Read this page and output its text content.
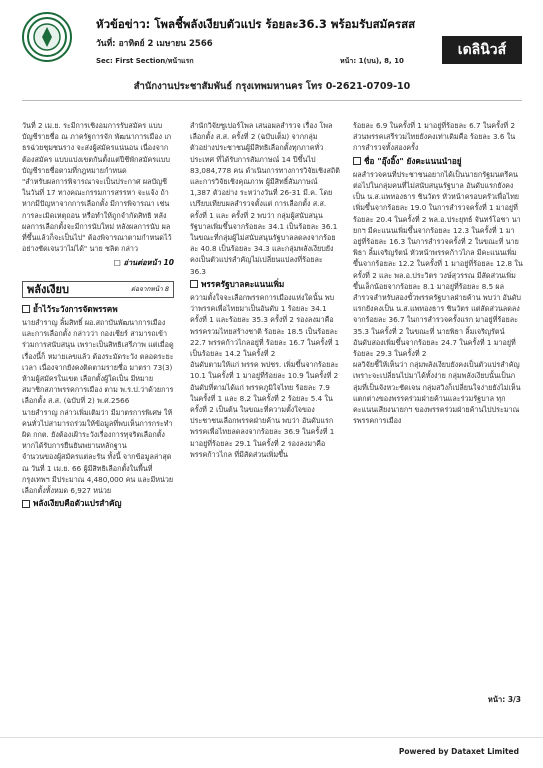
หัวข้อข่าว: โพลชี้พลังเงียบตัวแปร ร้อยละ36.3 พร้อมรับสมัครสส
วันที่: อาทิตย์ 2 เมษายน 2566
Sec: First Section/หน้าแรก	หน้า: 1(บน), 8, 10
เดลินิวส์
สำนักงานประชาสัมพันธ์ กรุงเทพมหานคร โทร 0-2621-0709-10

วันที่ 2 เม.ย. ระมีการเชิงอมการรับสมัคร แบบบัญชีรายชื่อ ณ ภาครัฐการจัก พัฒนาการเมือง เก ธรฉ่วยชุมชนราง จะส่งผู้สมัครแน่นอน เนื่องจากต้องสมัคร แบบแบ่งเขตกันตั้งแต่ปีชีพักสมัครแบบ บัญชีรายชื่อตามที่กฎหมายกำหนด

"สำหรับผลการพิจารณาจะเป็นประกาศ ผลบัญชีในวันที่ 17 ทางคณะกรรมการสรรหา จะแจ้ง ถ้าหากมีปัญหาจากการเลือกตั้ง มีการพิจารณา เช่น การละเมิดเหตุถอน หรือทำให้ถูกจำกัดสิทธิ หลังผลการเลือกตั้งจะมีการนับใหม่ หลังผลการนับ ผลที่ขึ้นแล้วก็จะเป็นไป" ต้องพิจารณาตามกำหนดไว้อย่างชัดเจนว่าไม่ได้" นาย ชลิต กล่าว

□ อ่านต่อหน้า 10
พลังเงียบ	ต่อจากหน้า 8
ย้ำไว้ระวังการจัดพรรคพ

นายสำราญ ลิ้มสิทธิ์ ผอ.สถาบันพัฒนาการเมืองและการเลือกตั้ง กล่าวว่า กองเชียร์ สามารถเข้าร่วมการสนับสนุน เพราะเป็นสิทธิเสรีภาพ แต่เมื่อดูเรื่องนี้ก็ หมายเลขแล้ว ต้องระมัดระวัง ตลอดระยะเวลา เนื่องจากยังคงติดตามรายชื่อ มาตรา 73(3) ห้ามผู้สมัครในเขต เลือกตั้งผู้ใดเป็น มีหมายสมาชิกสภาพรรคการเมือง ตาม พ.ร.ป.ว่าด้วยการเลือกตั้ง ส.ส. (ฉบับที่ 2) พ.ศ.2566

นายสำราญ กล่าวเพิ่มเติมว่า มีมาตรการพิเศษ ให้คนทั่วไปสามารถร่วมให้ข้อมูลที่พบเห็นการกระทำผิด กกต. ยังต้องเฝ้าระวังเรื่องการทุจริตเลือกตั้ง หากได้รับการยืนยันพยานหลักฐาน

จำนวนของผู้สมัครแต่ละรัน ทั้งนี้ จากข้อมูลล่าสุด ณ วันที่ 1 เม.ย. 66 ผู้มีสิทธิเลือกตั้งในพื้นที่กรุงเทพฯ มีประมาณ 4,480,000 คน และมีหน่วยเลือกตั้งทั้งหมด 6,927 หน่วย

พลังเงียบคือตัวแปรสำคัญ

สำนักวิจัยซูเปอร์โพล เสนอผลสำรวจ เรื่อง โพลเลือกตั้ง ส.ส. ครั้งที่ 2 (ฉบับเต็ม) จากกลุ่มตัวอย่างประชาชนผู้มีสิทธิเลือกตั้งทุกภาคทั่วประเทศ ที่ได้รับการสัมภาษณ์ 14 ปีขึ้นไป 83,084,778 คน ดำเนินการทางการวิจัยเชิงสถิติและการวิจัยเชิงคุณภาพ ผู้มีสิทธิ์สัมภาษณ์ 1,387 ตัวอย่าง ระหว่างวันที่ 26-31 มี.ค. โดยเปรียบเทียบผลสำรวจตั้งแต่ การเลือกตั้ง ส.ส. ครั้งที่ 1 และ ครั้งที่ 2 พบว่า กลุ่มผู้สนับสนุนรัฐบาลเพิ่มขึ้นจากร้อยละ 34.1 เป็นร้อยละ 36.1 ในขณะที่กลุ่มผู้ไม่สนับสนุนรัฐบาลลดลงจากร้อยละ 40.8 เป็นร้อยละ 34.3 และกลุ่มพลังเงียบยังคงเป็นตัวแปรสำคัญไม่เปลี่ยนแปลงที่ร้อยละ 36.3

พรรครัฐบาลคะแนนเพิ่ม

ความตั้งใจจะเลือกพรรคการเมืองแห่งใดนั้น พบว่าพรรคเพื่อไทยมาเป็นอันดับ 1 ร้อยละ 34.1 ครั้งที่ 1 และร้อยละ 35.3 ครั้งที่ 2 รองลงมาคือพรรครวมไทยสร้างชาติ ร้อยละ 18.5 เป็นร้อยละ 22.7 พรรคก้าวไกลอยู่ที่ ร้อยละ 16.7 ในครั้งที่ 1 เป็นร้อยละ 14.2 ในครั้งที่ 2

อันดับตามให้แก่ พรรค พปชร. เพิ่มขึ้นจากร้อยละ 10.1 ในครั้งที่ 1 มาอยู่ที่ร้อยละ 10.9 ในครั้งที่ 2 อันดับที่ตามได้แก่ พรรคภูมิใจไทย ร้อยละ 7.9 ในครั้งที่ 1 และ 8.2 ในครั้งที่ 2 ร้อยละ 5.4 ในครั้งที่ 2 เป็นต้น ในขณะที่ความตั้งใจของประชาชนเลือกพรรคฝ่ายค้าน พบว่า อันดับแรก พรรคเพื่อไทยลดลงจากร้อยละ 36.9 ในครั้งที่ 1 มาอยู่ที่ร้อยละ 29.1 ในครั้งที่ 2 รองลงมาคือ พรรคก้าวไกล ที่มีสัดส่วนเพิ่มขึ้น

ร้อยละ 6.9 ในครั้งที่ 1 มาอยู่ที่ร้อยละ 6.7 ในครั้งที่ 2 ส่วนพรรคเสรีรวมไทยยังคงเท่าเดิมคือ ร้อยละ 3.6 ในการสำรวจทั้งสองครั้ง

ชื่อ "อุ๊งอิ๊ง" ยังคะแนนนำอยู่

ผลสำรวจคนที่ประชาชนอยากได้เป็นนายกรัฐมนตรีคนต่อไปในกลุ่มคนที่ไม่สนับสนุนรัฐบาล อันดับแรกยังคงเป็น น.ส.แพทองธาร ชินวัตร หัวหน้าครอบครัวเพื่อไทย เพิ่มขึ้นจากร้อยละ 19.0 ในการสำรวจครั้งที่ 1 มาอยู่ที่ร้อยละ 20.4 ในครั้งที่ 2 พล.อ.ประยุทธ์ จันทร์โอชา นายกฯ มีคะแนนเพิ่มขึ้นจากร้อยละ 12.3 ในครั้งที่ 1 มาอยู่ที่ร้อยละ 16.3 ในการสำรวจครั้งที่ 2 ในขณะที่ นายพิธา ลิ้มเจริญรัตน์ หัวหน้าพรรคก้าวไกล มีคะแนนเพิ่มขึ้นจากร้อยละ 12.2 ในครั้งที่ 1 มาอยู่ที่ร้อยละ 12.8 ในครั้งที่ 2 และ พล.อ.ประวิตร วงษ์สุวรรณ มีสัดส่วนเพิ่มขึ้นเล็กน้อยจากร้อยละ 8.1 มาอยู่ที่ร้อยละ 8.5 ผลสำรวจสำหรับสองขั้วพรรครัฐบาลฝ่ายค้าน พบว่า อันดับแรกยังคงเป็น น.ส.แพทองธาร ชินวัตร แต่สัดส่วนลดลงจากร้อยละ 36.7 ในการสำรวจครั้งแรก มาอยู่ที่ร้อยละ 35.3 ในครั้งที่ 2 ในขณะที่ นายพิธา ลิ้มเจริญรัตน์ อันดับสองเพิ่มขึ้นจากร้อยละ 24.7 ในครั้งที่ 1 มาอยู่ที่ร้อยละ 29.3 ในครั้งที่ 2

ผลวิจัยชี้ให้เห็นว่า กลุ่มพลังเงียบยังคงเป็นตัวแปรสำคัญเพราะจะเปลี่ยนไปมาได้ทั้งง่าย กลุ่มพลังเงียบนั้นเป็นกลุ่มที่เป็นจังหวะชัดเจน กลุ่มสวิงก็เปลี่ยนใจง่ายยังไม่เห็นแตกต่างของพรรคร่วมฝ่ายค้านและร่วมรัฐบาล ทุกคะแนนเสียงนายกฯ ของพรรคร่วมฝ่ายค้านไปประมาณรพรรคการเมือง

หน้า: 3/3
Powered by Dataxet Limited
